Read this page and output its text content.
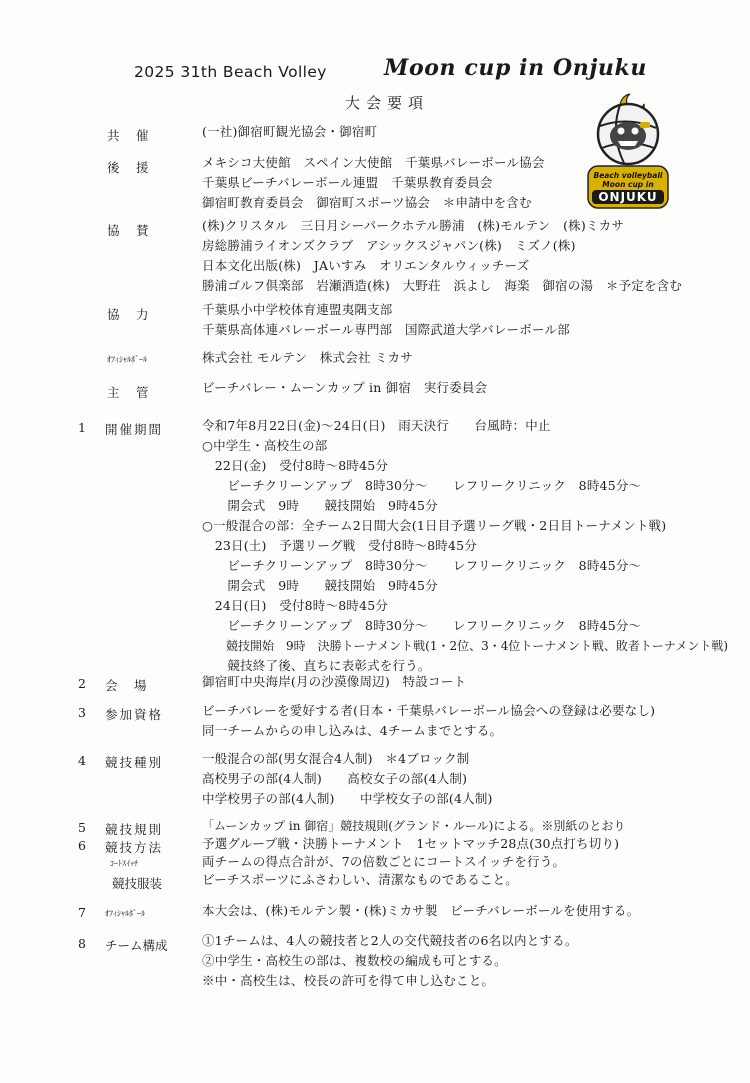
2025 31th Beach Volley	Moon cup in Onjuku
大会要項
Beach volleyball
Moon cup in
ONJUKU
共　催	(一社)御宿町観光協会・御宿町
後　援	メキシコ大使館　スペイン大使館　千葉県バレーボール協会
千葉県ビーチバレーボール連盟　千葉県教育委員会
御宿町教育委員会　御宿町スポーツ協会　＊申請中を含む
協　賛	(株)クリスタル　三日月シーパークホテル勝浦　(株)モルテン　(株)ミカサ
房総勝浦ライオンズクラブ　アシックスジャパン(株)　ミズノ(株)
日本文化出版(株)　JAいすみ　オリエンタルウィッチーズ
勝浦ゴルフ倶楽部　岩瀬酒造(株)　大野荘　浜よし　海楽　御宿の湯　＊予定を含む
協　力	千葉県小中学校体育連盟夷隅支部
千葉県高体連バレーボール専門部　国際武道大学バレーボール部
ｵﾌｨｼｬﾙﾎﾞｰﾙ	株式会社 モルテン　株式会社 ミカサ
主　管	ビーチバレー・ムーンカップ in 御宿　実行委員会
1 開催期間	令和7年8月22日(金)～24日(日)　雨天決行　　台風時：中止
○中学生・高校生の部
　22日(金)　受付8時～8時45分
　　ビーチクリーンアップ　8時30分～　　レフリークリニック　8時45分～
　　開会式　9時　　競技開始　9時45分
○一般混合の部：全チーム2日間大会(1日目予選リーグ戦・2日目トーナメント戦)
　23日(土)　予選リーグ戦　受付8時～8時45分
　　ビーチクリーンアップ　8時30分～　　レフリークリニック　8時45分～
　　開会式　9時　　競技開始　9時45分
　24日(日)　受付8時～8時45分
　　ビーチクリーンアップ　8時30分～　　レフリークリニック　8時45分～
　　競技開始　9時　決勝トーナメント戦(1・2位、3・4位トーナメント戦、敗者トーナメント戦)
　　競技終了後、直ちに表彰式を行う。
2 会　場	御宿町中央海岸(月の沙漠像周辺)　特設コート
3 参加資格	ビーチバレーを愛好する者(日本・千葉県バレーボール協会への登録は必要なし)
同一チームからの申し込みは、4チームまでとする。
4 競技種別	一般混合の部(男女混合4人制)　＊4ブロック制
高校男子の部(4人制)　　高校女子の部(4人制)
中学校男子の部(4人制)　　中学校女子の部(4人制)
5 競技規則	「ムーンカップ in 御宿」競技規則(グランド・ルール)による。※別紙のとおり
6 競技方法	予選グループ戦・決勝トーナメント　1セットマッチ28点(30点打ち切り)
ｺｰﾄｽｲｯﾁ	両チームの得点合計が、7の倍数ごとにコートスイッチを行う。
競技服装	ビーチスポーツにふさわしい、清潔なものであること。
7 ｵﾌｨｼｬﾙﾎﾞｰﾙ	本大会は、(株)モルテン製・(株)ミカサ製　ビーチバレーボールを使用する。
8 チーム構成	①1チームは、4人の競技者と2人の交代競技者の6名以内とする。
②中学生・高校生の部は、複数校の編成も可とする。
※中・高校生は、校長の許可を得て申し込むこと。
